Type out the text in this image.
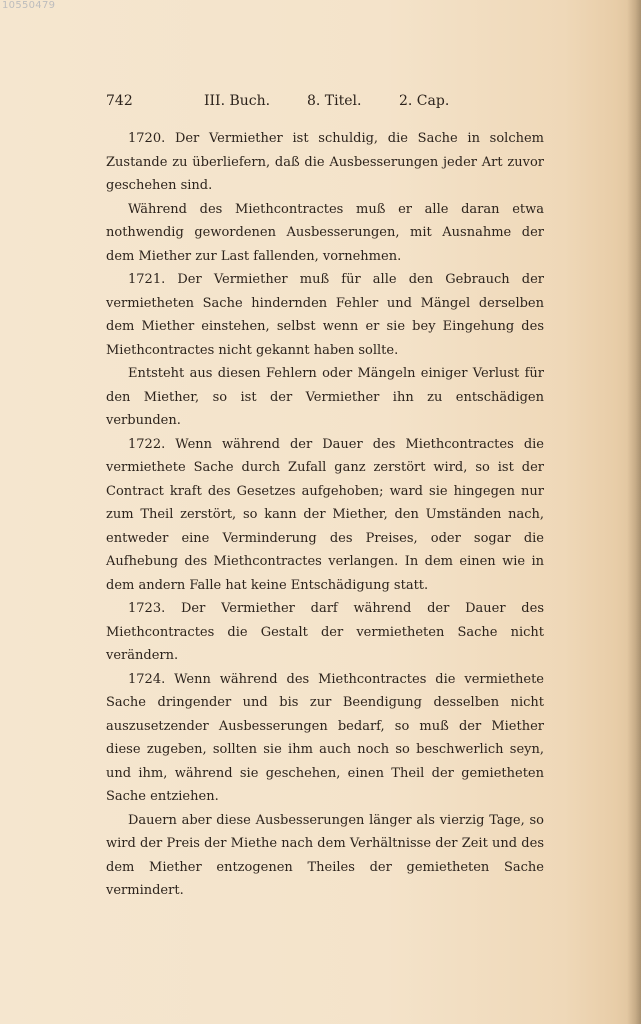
10550479
742	III. Buch.	8. Titel.	2. Cap.

1720. Der Vermiether ist schuldig, die Sache in solchem Zustande zu überliefern, daß die Ausbesserungen jeder Art zuvor geschehen sind.

Während des Miethcontractes muß er alle daran etwa nothwendig gewordenen Ausbesserungen, mit Ausnahme der dem Miether zur Last fallenden, vornehmen.

1721. Der Vermiether muß für alle den Gebrauch der vermietheten Sache hindernden Fehler und Mängel derselben dem Miether einstehen, selbst wenn er sie bey Eingehung des Miethcontractes nicht gekannt haben sollte.

Entsteht aus diesen Fehlern oder Mängeln einiger Verlust für den Miether, so ist der Vermiether ihn zu entschädigen verbunden.

1722. Wenn während der Dauer des Miethcontractes die vermiethete Sache durch Zufall ganz zerstört wird, so ist der Contract kraft des Gesetzes aufgehoben; ward sie hingegen nur zum Theil zerstört, so kann der Miether, den Umständen nach, entweder eine Verminderung des Preises, oder sogar die Aufhebung des Miethcontractes verlangen. In dem einen wie in dem andern Falle hat keine Entschädigung statt.

1723. Der Vermiether darf während der Dauer des Miethcontractes die Gestalt der vermietheten Sache nicht verändern.

1724. Wenn während des Miethcontractes die vermiethete Sache dringender und bis zur Beendigung desselben nicht auszusetzender Ausbesserungen bedarf, so muß der Miether diese zugeben, sollten sie ihm auch noch so beschwerlich seyn, und ihm, während sie geschehen, einen Theil der gemietheten Sache entziehen.

Dauern aber diese Ausbesserungen länger als vierzig Tage, so wird der Preis der Miethe nach dem Verhältnisse der Zeit und des dem Miether entzogenen Theiles der gemietheten Sache vermindert.
